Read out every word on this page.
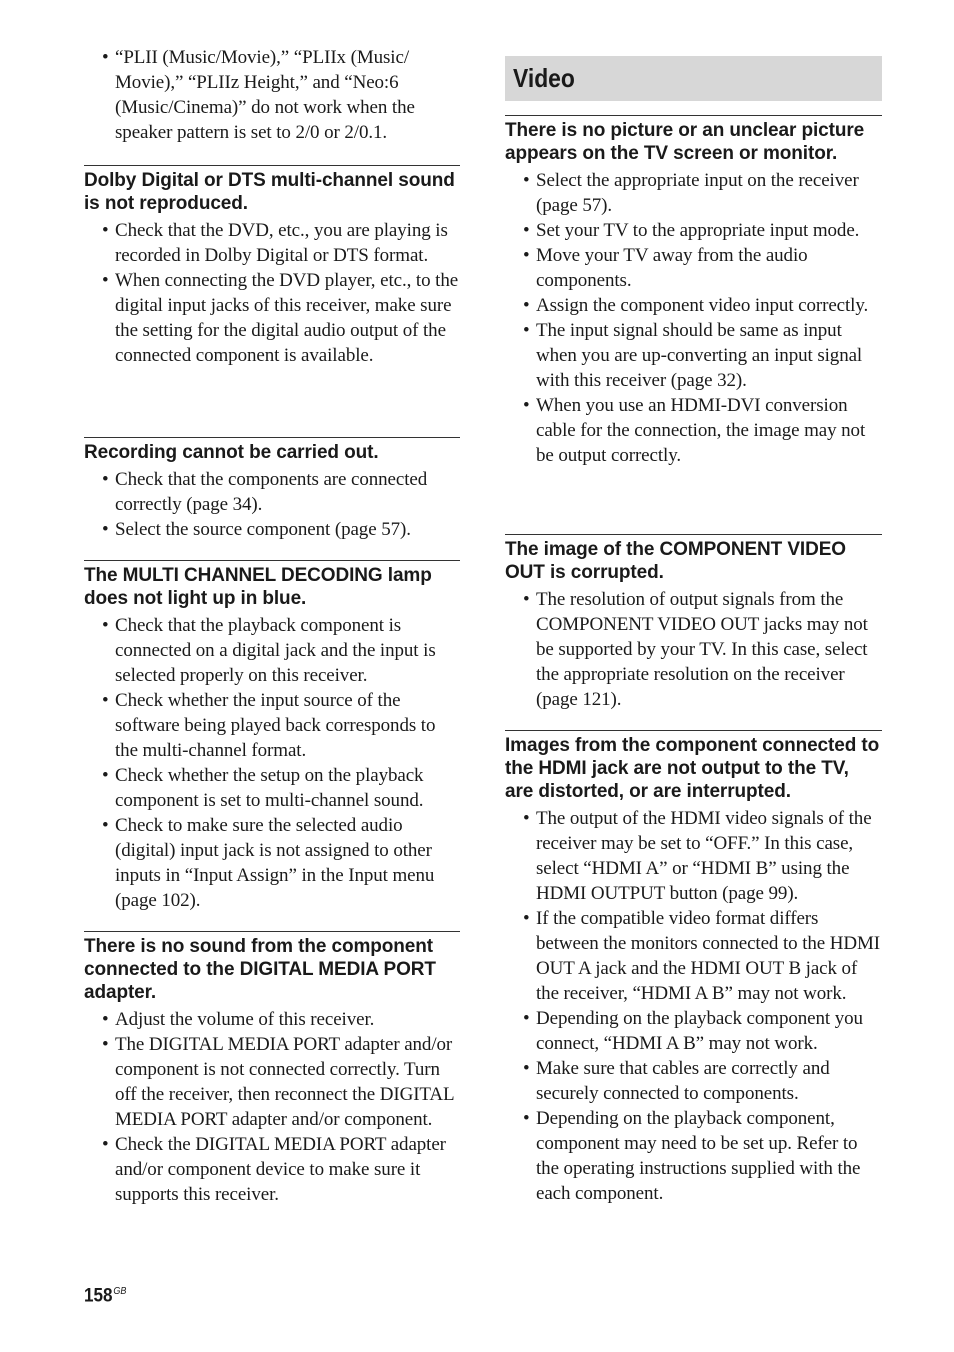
• “PLII (Music/Movie),” “PLIIx (Music/ Movie),” “PLIIz Height,” and “Neo:6 (Music/Cinema)” do not work when the speaker pattern is set to 2/0 or 2/0.1.
Dolby Digital or DTS multi-channel sound is not reproduced.
• Check that the DVD, etc., you are playing is recorded in Dolby Digital or DTS format.
• When connecting the DVD player, etc., to the digital input jacks of this receiver, make sure the setting for the digital audio output of the connected component is available.
Recording cannot be carried out.
• Check that the components are connected correctly (page 34).
• Select the source component (page 57).
The MULTI CHANNEL DECODING lamp does not light up in blue.
• Check that the playback component is connected on a digital jack and the input is selected properly on this receiver.
• Check whether the input source of the software being played back corresponds to the multi-channel format.
• Check whether the setup on the playback component is set to multi-channel sound.
• Check to make sure the selected audio (digital) input jack is not assigned to other inputs in “Input Assign” in the Input menu (page 102).
There is no sound from the component connected to the DIGITAL MEDIA PORT adapter.
• Adjust the volume of this receiver.
• The DIGITAL MEDIA PORT adapter and/or component is not connected correctly. Turn off the receiver, then reconnect the DIGITAL MEDIA PORT adapter and/or component.
• Check the DIGITAL MEDIA PORT adapter and/or component device to make sure it supports this receiver.
Video
There is no picture or an unclear picture appears on the TV screen or monitor.
• Select the appropriate input on the receiver (page 57).
• Set your TV to the appropriate input mode.
• Move your TV away from the audio components.
• Assign the component video input correctly.
• The input signal should be same as input when you are up-converting an input signal with this receiver (page 32).
• When you use an HDMI-DVI conversion cable for the connection, the image may not be output correctly.
The image of the COMPONENT VIDEO OUT is corrupted.
• The resolution of output signals from the COMPONENT VIDEO OUT jacks may not be supported by your TV. In this case, select the appropriate resolution on the receiver (page 121).
Images from the component connected to the HDMI jack are not output to the TV, are distorted, or are interrupted.
• The output of the HDMI video signals of the receiver may be set to “OFF.” In this case, select “HDMI A” or “HDMI B” using the HDMI OUTPUT button (page 99).
• If the compatible video format differs between the monitors connected to the HDMI OUT A jack and the HDMI OUT B jack of the receiver, “HDMI A B” may not work.
• Depending on the playback component you connect, “HDMI A B” may not work.
• Make sure that cables are correctly and securely connected to components.
• Depending on the playback component, component may need to be set up. Refer to the operating instructions supplied with the each component.
$158^{GB}$
